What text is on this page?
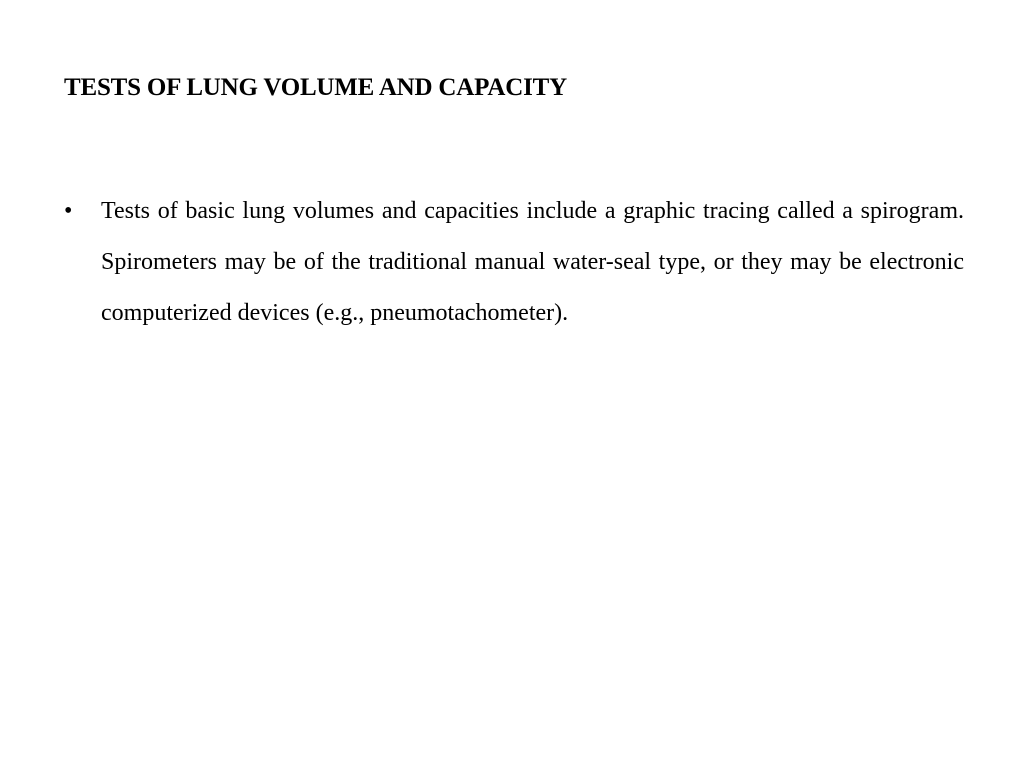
TESTS OF LUNG VOLUME AND CAPACITY
•	Tests of basic lung volumes and capacities include a graphic tracing called a spirogram. Spirometers may be of the traditional manual water-seal type, or they may be electronic computerized devices (e.g., pneumotachometer).
